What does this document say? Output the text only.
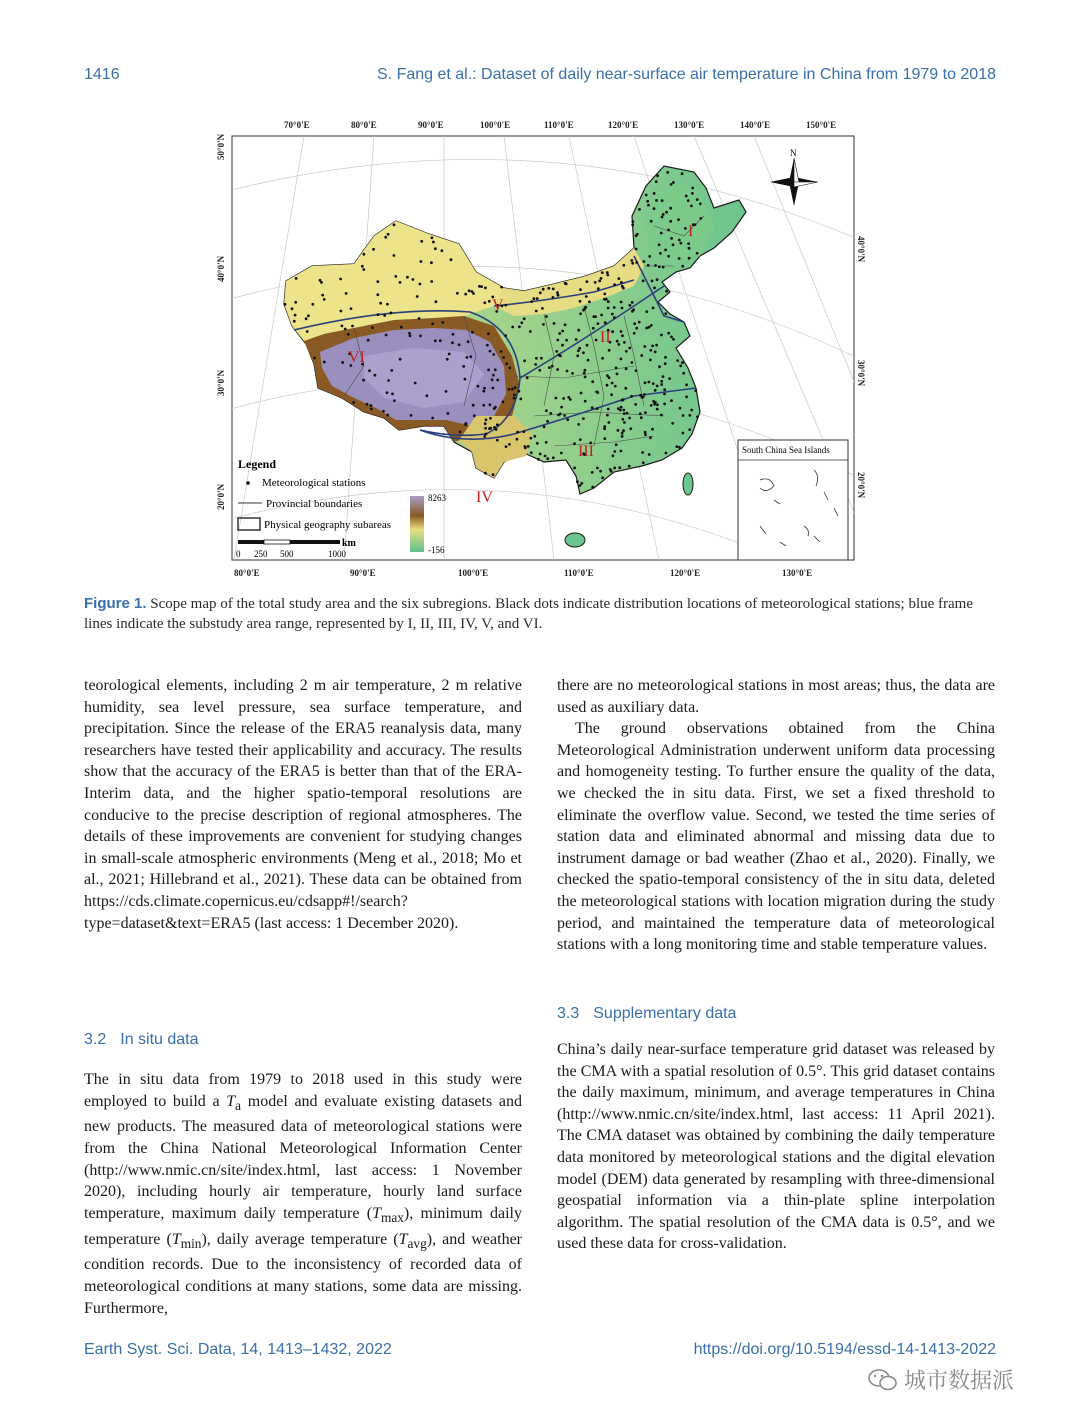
1416	S. Fang et al.: Dataset of daily near-surface air temperature in China from 1979 to 2018
I
II
III
IV
V
VI
N
South China Sea Islands
Legend
Meteorological stations
Provincial boundaries
Physical geography subareas
8263
-156
km
0 250 500	1000
70°0'E	80°0'E	90°0'E	100°0'E	110°0'E	120°0'E	130°0'E	140°0'E	150°0'E
80°0'E	90°0'E	100°0'E	110°0'E	120°0'E	130°0'E
50°0'N
40°0'N
30°0'N
20°0'N
40°0'N
30°0'N
20°0'N
Figure 1. Scope map of the total study area and the six subregions. Black dots indicate distribution locations of meteorological stations; blue frame lines indicate the substudy area range, represented by I, II, III, IV, V, and VI.

teorological elements, including 2 m air temperature, 2 m relative humidity, sea level pressure, sea surface temperature, and precipitation. Since the release of the ERA5 reanalysis data, many researchers have tested their applicability and accuracy. The results show that the accuracy of the ERA5 is better than that of the ERA-Interim data, and the higher spatio-temporal resolutions are conducive to the precise description of regional atmospheres. The details of these improvements are convenient for studying changes in small-scale atmospheric environments (Meng et al., 2018; Mo et al., 2021; Hillebrand et al., 2021). These data can be obtained from https://cds.climate.copernicus.eu/cdsapp#!/search?type=dataset&text=ERA5 (last access: 1 December 2020).

3.2 In situ data

The in situ data from 1979 to 2018 used in this study were employed to build a $T_a$ model and evaluate existing datasets and new products. The measured data of meteorological stations were from the China National Meteorological Information Center (http://www.nmic.cn/site/index.html, last access: 1 November 2020), including hourly air temperature, hourly land surface temperature, maximum daily temperature $(T_{max})$, minimum daily temperature $(T_{min})$, daily average temperature $(T_{avg})$, and weather condition records. Due to the inconsistency of recorded data of meteorological conditions at many stations, some data are missing. Furthermore,

there are no meteorological stations in most areas; thus, the data are used as auxiliary data.

The ground observations obtained from the China Meteorological Administration underwent uniform data processing and homogeneity testing. To further ensure the quality of the data, we checked the in situ data. First, we set a fixed threshold to eliminate the overflow value. Second, we tested the time series of station data and eliminated abnormal and missing data due to instrument damage or bad weather (Zhao et al., 2020). Finally, we checked the spatio-temporal consistency of the in situ data, deleted the meteorological stations with location migration during the study period, and maintained the temperature data of meteorological stations with a long monitoring time and stable temperature values.

3.3 Supplementary data

China’s daily near-surface temperature grid dataset was released by the CMA with a spatial resolution of 0.5°. This grid dataset contains the daily maximum, minimum, and average temperatures in China (http://www.nmic.cn/site/index.html, last access: 11 April 2021). The CMA dataset was obtained by combining the daily temperature data monitored by meteorological stations and the digital elevation model (DEM) data generated by resampling with three-dimensional geospatial information via a thin-plate spline interpolation algorithm. The spatial resolution of the CMA data is 0.5°, and we used these data for cross-validation.

Earth Syst. Sci. Data, 14, 1413–1432, 2022	https://doi.org/10.5194/essd-14-1413-2022
城市数据派
